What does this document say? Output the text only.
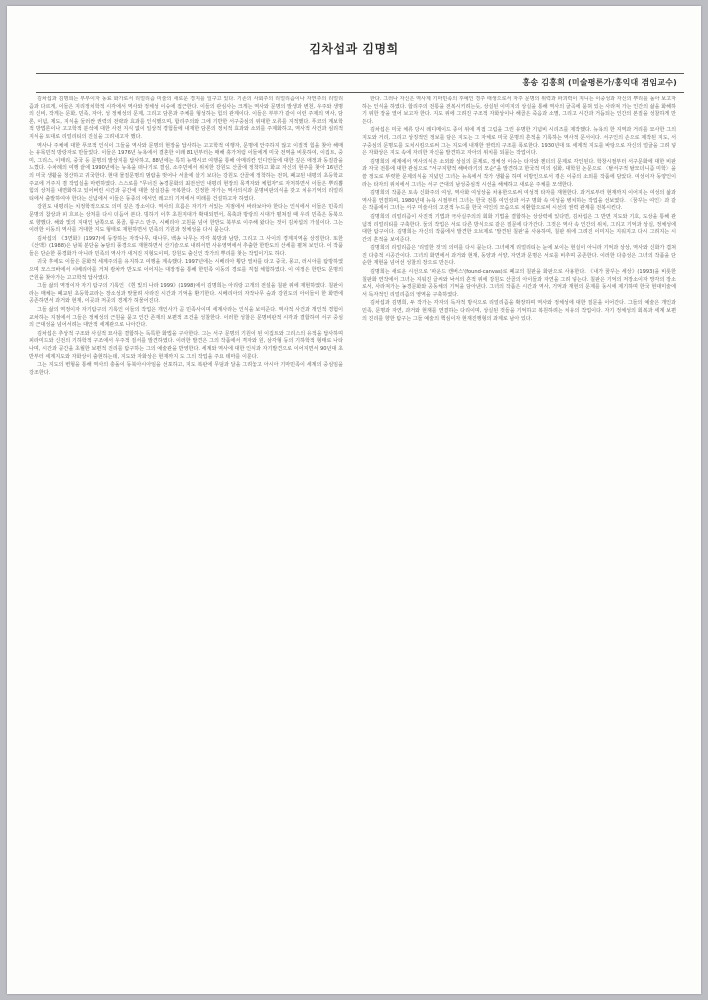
김차섭과 김명희
홍송 김홍희 (미술평론가/홍익대 겸임교수)

김차섭과 김명희는 부부이자 동료 화가로서 리얼리즘 미술의 새로운 경지를 일구고 있다. 기존의 사회주의 리얼리즘이나 자연주의 리얼리즘과 다르게, 이들은 지리정치학적 시각에서 역사와 정체성 이슈에 접근한다. 이들의 관심사는 크게는 역사와 문명의 발생과 변천, 우주와 생명의 신비, 작게는 문화, 민족, 자아, 성 정체성의 문제, 그리고 담론과 주체를 형성하는 힘의 관계이다. 이들은 부부가 같이 이런 주제의 역사, 담론, 이념, 제도, 지식을 둘러싼 권력의 전략과 효과를 인식했으며, 합리주의와 그에 기반한 서구중심의 위대한 오류를 지적했다. 푸코의 계보학적 방법론이나 고고학적 분석에 대한 사전 지식 없이 일상적 경험들에 내재한 담론의 정치적 효과와 소외를 주제화하고, 역사적 사건과 심리적 지식을 토대로 리얼리티의 진실을 그려내고자 했다.

역사나 주체에 대한 푸코적 인식이 그들을 역사와 문명의 현장을 답사하는 고고학적 여행자, 문명에 안주하지 않고 이질적 힘을 찾아 해매는 유목민적 방랑자로 만들었다. 이들은 1976년 뉴욕에서 결혼한 이래 81년부터는 매해 휴가처럼 이들에게 미국 전역을 비롯하여, 이집트, 중미, 그리스, 이태리, 중국 등 문명의 발상지를 답사하고, 88년에는 특히 뉴멕시코 여행을 통해 아메리칸 인디안들에 대한 깊은 애정과 동질감을 느꼈다. 수차례의 여행 끝에 1990년에는 뉴욕을 떠나기로 결심, 소주민에서 위치한 강원도 산골에 정착하고 화교 자신의 현주를 찾아 16년간의 미국 생활을 청산하고 귀국한다. 현대 물질문명의 범람을 벗어나 서울에 살기 보다는 강원도 산골에 정착하는 전혀, 폐교된 내평의 초등학교 주교에 거주지 겸 작업실을 마련하였다. 스스로를 "무너진 농경문화의 최전선인 내평리 현장의 목격자와 체험자"로 자처하면서 이들은 뿌리뽑힘의 상처를 내면화하고 있어버린 시간과 공간에 대한 상실감을 극복한다. 진정한 자가는 역사의식과 문명비판의식을 갖고 치유기억의 리얼리티에서 출발하여야 한다는 신념에서 이들은 동종의 에서인 레고의 기저에서 미래를 건설하고자 하였다.

강원도 내평리는 치정학적으로도 의미 깊은 장소이다. 역사의 흐름은 자기가 서있는 지점에서 바라보아야 한다는 인식에서 이들은 민족의 문명의 참상과 피 흐르는 상처를 다시 더듬어 본다. 빙하기 이후 초원지대가 확대되면서, 목축과 방랑의 시대가 펼쳐질 때 우리 민족은 동북으로 향했다. 해와 빛의 지대인 남쪽으로 몽골, 퉁구스 만주, 시베리아 고원을 넘어 한반도 북부로 이주해 왔다는 것이 김차섭의 가설이다. 그는 이러한 이동의 역사를 거대한 지도 형태로 재현하면서 민족의 기원과 정체성을 다시 묻는다.

김차섭의 《3면화》(1997)에 등장하는 자작나무, 대나무, 백송 나무는 각각 북방과 남방, 그리고 그 사이의 경계지역을 상징한다. 또한 《산맥》(1988)은 남북 분단을 농담의 풍경으로 재현하면서 산기슭으로 내려서면 사유영역에서 추출한 한반도의 산세를 펼쳐 보인다. 이 작품들은 단순한 풍경화가 아니라 민족의 역사가 새겨진 지형도이며, 강원도 출신인 작가의 뿌리를 찾는 작업이기도 하다.

귀국 후에도 이들은 문화적 세계주의를 유지하고 여행을 계속했다. 1997년에는 시베리아 횡단 열차를 타고 중국, 몽고, 러시아를 탐방하였으며 모스크바에서 시베리아를 거쳐 캄차카 반도로 이어지는 대장정을 통해 한민족 이동의 경로를 직접 체험하였다. 이 여정은 한반도 문명의 근원을 찾아가는 고고학적 답사였다.

그들 삶의 역정이자 자기 탐구의 기록인 《흰 빛의 나라 1999》(1998)에서 김명희는 아리랑 고개의 전설을 칠판 위에 재현하였다. 칠판이라는 매체는 폐교된 초등학교라는 장소성과 맞물려 사라진 시간과 기억을 환기한다. 시베리아의 자작나무 숲과 강원도의 아이들이 한 화면에 공존하면서 과거와 현재, 이곳과 저곳의 경계가 허물어진다.

그들 삶의 역정이자 자기탐구의 기록인 이들의 작업은 개인사가 곧 민족사이며 세계사라는 인식을 보여준다. 역사적 사건과 개인적 경험이 교차하는 지점에서 그들은 정체성의 근원을 묻고 인간 존재의 보편적 조건을 성찰한다. 이러한 성찰은 문명비판적 시각과 결합하여 서구 중심의 근대성을 넘어서려는 대안적 세계관으로 나아간다.

김차섭은 추상적 구조와 사실적 묘사를 결합하는 독특한 화법을 구사한다. 그는 서구 문명의 기원이 된 이집트와 그리스의 유적을 답사하며 피라미드와 신전의 기하학적 구조에서 우주적 질서를 발견하였다. 이러한 발견은 그의 작품에서 격자와 원, 삼각형 등의 기하학적 형태로 나타나며, 시간과 공간을 초월한 보편적 진리를 탐구하는 그의 예술관을 반영한다. 세계와 역사에 대한 인식과 자기발견으로 이어지면서 90년대 초반부터 세계지도와 자화상이 출현하는데, 지도와 자화상은 현재까지 도 그의 작업을 주요 테마를 이룬다.

그는 지도의 변형을 통해 역사의 충돌이 동북아시아임을 선포하고, 지도 복판에 무덤과 달을 그려놓고 아시아 기마민족이 세계의 중심임을 강조한다.

한다. 그러나 자신은 역사계 기마민족의 후예인 경주 태생으로서 자주 문명의 위력과 파괴력이 지니는 이중성과 자신의 뿌리를 돌아 보고자 하는 인식을 하였다. 합리주의 전통을 전복시키려는듯, 상실된 이미지의 상실을 통해 역사의 굴곡에 묻혀 있는 사라져 가는 인간의 삶을 화해하기 위한 장을 열어 보고자 한다. 지도 위에 그려진 구조적 자화상이나 해골은 죽음과 소멸, 그리고 시간과 거듭되는 인간의 본질을 성찰하게 만든다.

김차섭은 미국 체류 당시 레디메이드 종이 위에 직접 그림을 그린 유명한 기념비 시리즈를 제작했다. 뉴욕의 한 지역과 거리를 묘사한 그의 지도와 거리, 그리고 상징적인 정보를 담은 지도는 그 자체로 미국 문명의 흔적을 기록하는 역사적 문서이다. 서구인의 손으로 제작된 지도, 서구중심의 문명도를 도치시킴으로써 그는 지도에 내재한 권력의 구조를 폭로한다. 1930년대 또 세계적 지도를 바탕으로 자신의 얼굴을 그려 넣은 자화상은 지도 속에 자리한 자신을 발견하고 자아의 위치를 되묻는 작업이다.

김명희의 세계에서 역사의식은 소외와 상실의 문제로, 정체성 이슈는 타자와 젠더의 문제로 각인된다. 학창시절부터 서구문화에 대한 비판과 자국 전통에 대한 관심으로 "서구지향적 해바라기의 모순"을 발견하고 한국적 미의 심화, 대학원 논문으로 〈탈서구적 탈모더니즘 미학〉을 쓸 정도로 뚜렷한 문제의식을 지녔던 그녀는 뉴욕에서 작가 생활을 하며 이방인으로서 겪은 이중의 소외를 작품에 담았다. 여성이자 동양인이라는 타자의 위치에서 그녀는 서구 근대의 남성중심적 시선을 해체하고 새로운 주체를 모색한다.

김명희의 작품은 토속 신화주의 여성, 역사화 여성상을 차용한으로써 여성적 타자를 재현한다. 과거로부터 현재까지 이어지는 여성의 삶과 역사를 연결하며, 1980년대 뉴욕 시절부터 그녀는 한국 전통 여인상과 서구 명화 속 여성을 병치하는 작업을 선보였다. 〈꿈꾸는 여인〉과 같은 작품에서 그녀는 서구 미술사의 고전적 누드를 한국 여인의 모습으로 치환함으로써 시선의 권력 관계를 전복시킨다.

김명희의 리얼리즘이 사진적 기법과 극사실주의의 회화 기법을 결합하는 상상력에 있다면, 김차섭은 그 반면 지도와 기호, 도상을 통해 관념적 리얼리티를 구축한다. 둘의 작업은 서로 다른 방식으로 같은 질문에 다가간다. 그것은 역사 속 인간의 위치, 그리고 기억과 상실, 정체성에 대한 탐구이다. 김명희는 자신의 작품에서 발견한 오브제로 '발견된 칠판'을 사용하며, 칠판 위에 그려진 이미지는 지워지고 다시 그려지는 시간의 흔적을 보여준다.

김명희의 리얼리즘은 '리얼한 것'의 의미를 다시 묻는다. 그녀에게 리얼리티는 눈에 보이는 현실이 아니라 기억과 상상, 역사와 신화가 겹쳐진 다층적 시공간이다. 그녀의 화면에서 과거와 현재, 동양과 서양, 자연과 문명은 서로를 비추며 공존한다. 이러한 다층성은 그녀의 작품을 단순한 재현을 넘어선 성찰의 장으로 만든다.

김명희는 새로운 시선으로 '파운드 캔버스'(found-canvas)로 폐교의 칠판을 화판으로 사용한다. 《내가 꿈꾸는 세상》(1993)을 비롯한 칠판화 연작에서 그녀는 지워진 글씨와 낙서의 흔적 위에 강원도 산골의 아이들과 자연을 그려 넣는다. 칠판은 기억의 저장소이자 망각의 장소로서, 사라져가는 농경문화와 공동체의 기억을 담아낸다. 그녀의 작품은 시간과 역사, 기억과 재현의 문제를 동시에 제기하며 한국 현대미술에서 독자적인 리얼리즘의 영역을 구축하였다.

김차섭과 김명희, 두 작가는 각자의 독자적 방식으로 리얼리즘을 확장하며 역사와 정체성에 대한 질문을 이어간다. 그들의 예술은 개인과 민족, 문명과 자연, 과거와 현재를 연결하는 다리이며, 상실된 것들을 기억하고 복원하려는 치유의 작업이다. 자기 정체성의 회복과 세계 보편의 진리를 향한 탐구는 그들 예술의 핵심이자 현재진행형의 과제로 남아 있다.
